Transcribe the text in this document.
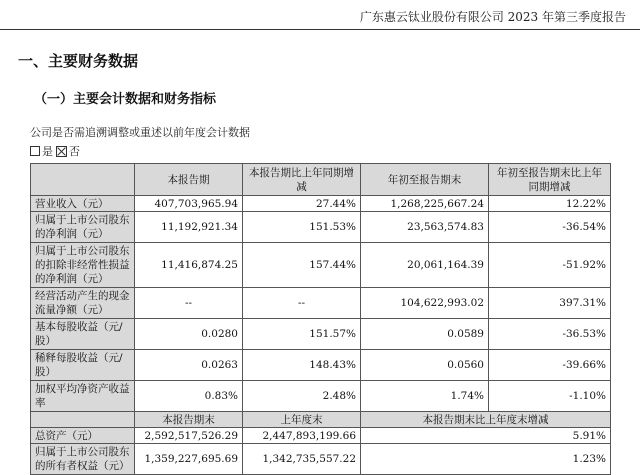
广东惠云钛业股份有限公司 2023 年第三季度报告
一、主要财务数据
（一）主要会计数据和财务指标
公司是否需追溯调整或重述以前年度会计数据
是 否
	本报告期	本报告期比上年同期增减	年初至报告期末	年初至报告期末比上年同期增减
营业收入（元）	407,703,965.94	27.44%	1,268,225,667.24	12.22%
归属于上市公司股东的净利润（元）	11,192,921.34	151.53%	23,563,574.83	-36.54%
归属于上市公司股东的扣除非经常性损益的净利润（元）	11,416,874.25	157.44%	20,061,164.39	-51.92%
经营活动产生的现金流量净额（元）	--	--	104,622,993.02	397.31%
基本每股收益（元/股）	0.0280	151.57%	0.0589	-36.53%
稀释每股收益（元/股）	0.0263	148.43%	0.0560	-39.66%
加权平均净资产收益率	0.83%	2.48%	1.74%	-1.10%
	本报告期末	上年度末	本报告期末比上年度末增减	
总资产（元）	2,592,517,526.29	2,447,893,199.66	5.91%	
归属于上市公司股东的所有者权益（元）	1,359,227,695.69	1,342,735,557.22	1.23%	
